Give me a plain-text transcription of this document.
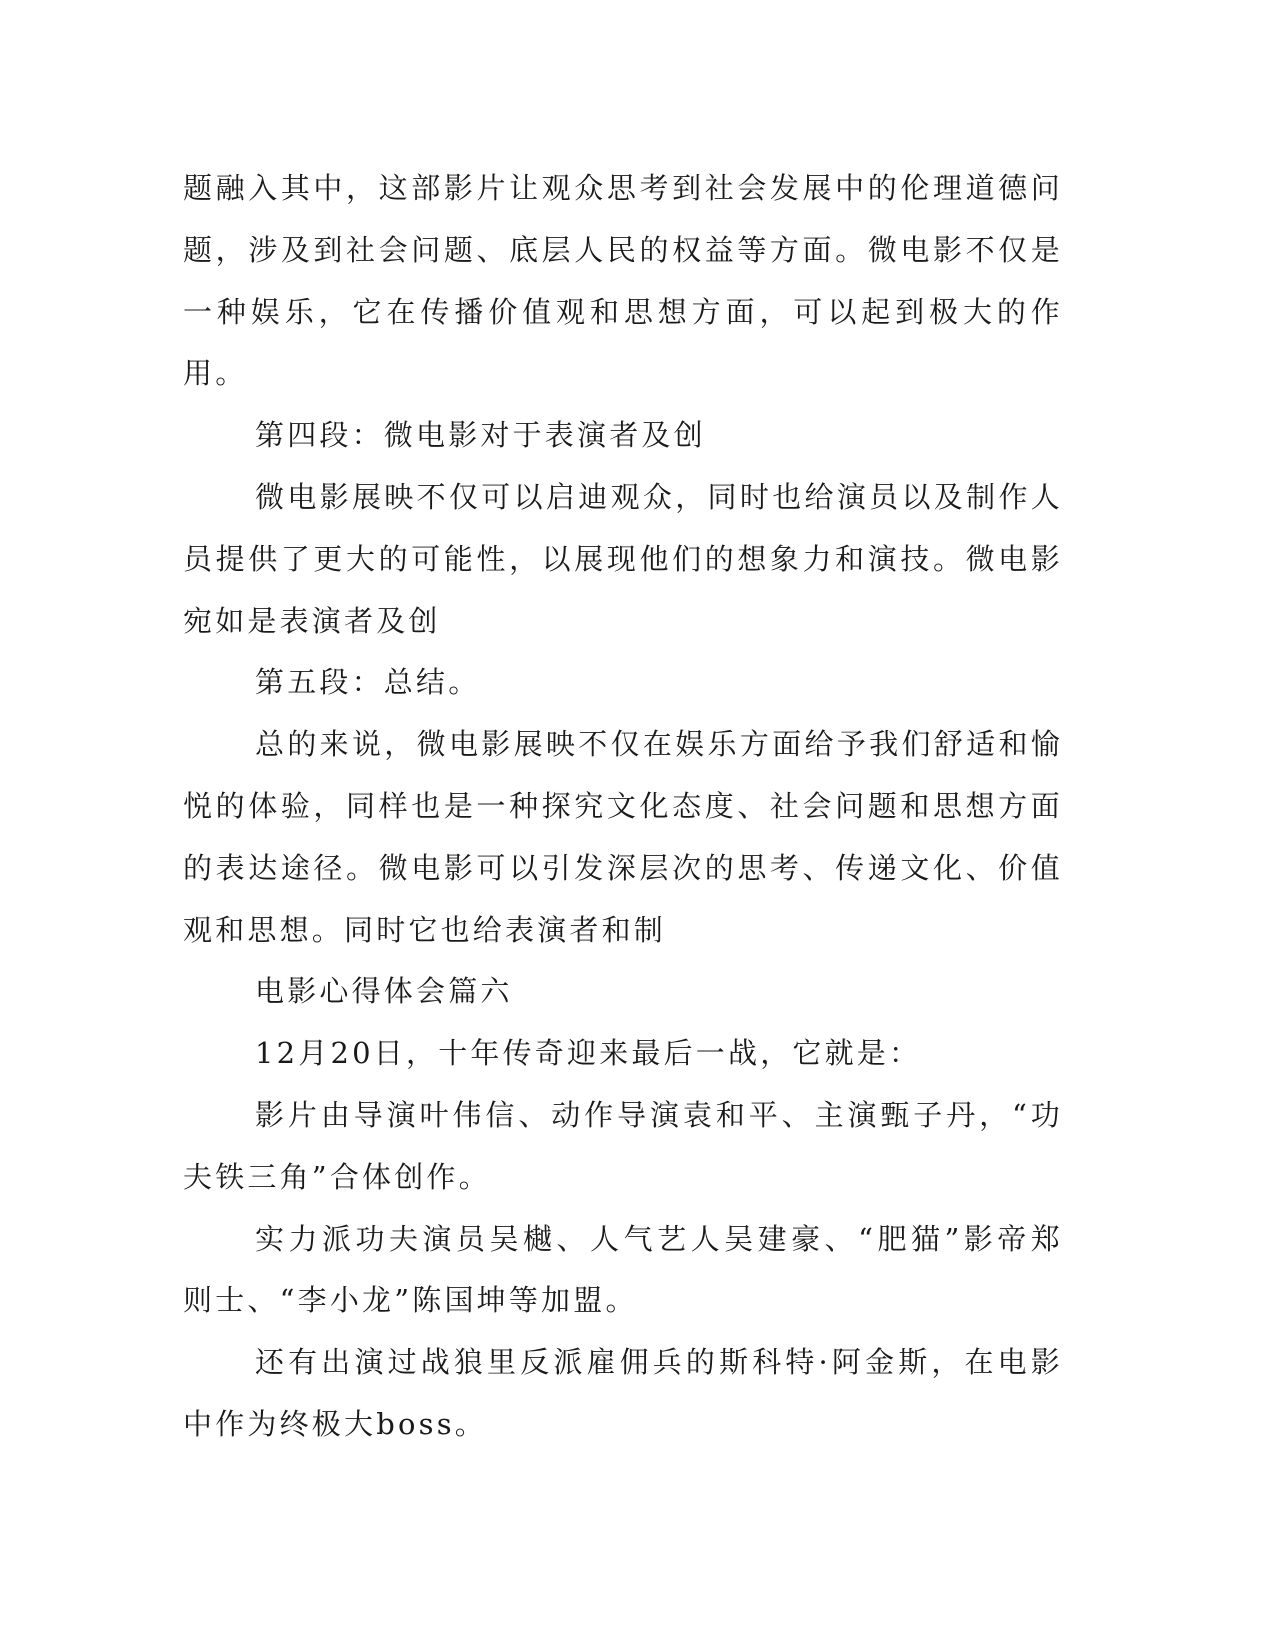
题融入其中，这部影片让观众思考到社会发展中的伦理道德问题，涉及到社会问题、底层人民的权益等方面。微电影不仅是一种娱乐，它在传播价值观和思想方面，可以起到极大的作用。

第四段：微电影对于表演者及创

微电影展映不仅可以启迪观众，同时也给演员以及制作人员提供了更大的可能性，以展现他们的想象力和演技。微电影宛如是表演者及创

第五段：总结。

总的来说，微电影展映不仅在娱乐方面给予我们舒适和愉悦的体验，同样也是一种探究文化态度、社会问题和思想方面的表达途径。微电影可以引发深层次的思考、传递文化、价值观和思想。同时它也给表演者和制

电影心得体会篇六

12月20日，十年传奇迎来最后一战，它就是：

影片由导演叶伟信、动作导演袁和平、主演甄子丹，“功夫铁三角”合体创作。

实力派功夫演员吴樾、人气艺人吴建豪、“肥猫”影帝郑则士、“李小龙”陈国坤等加盟。

还有出演过战狼里反派雇佣兵的斯科特·阿金斯，在电影中作为终极大boss。
